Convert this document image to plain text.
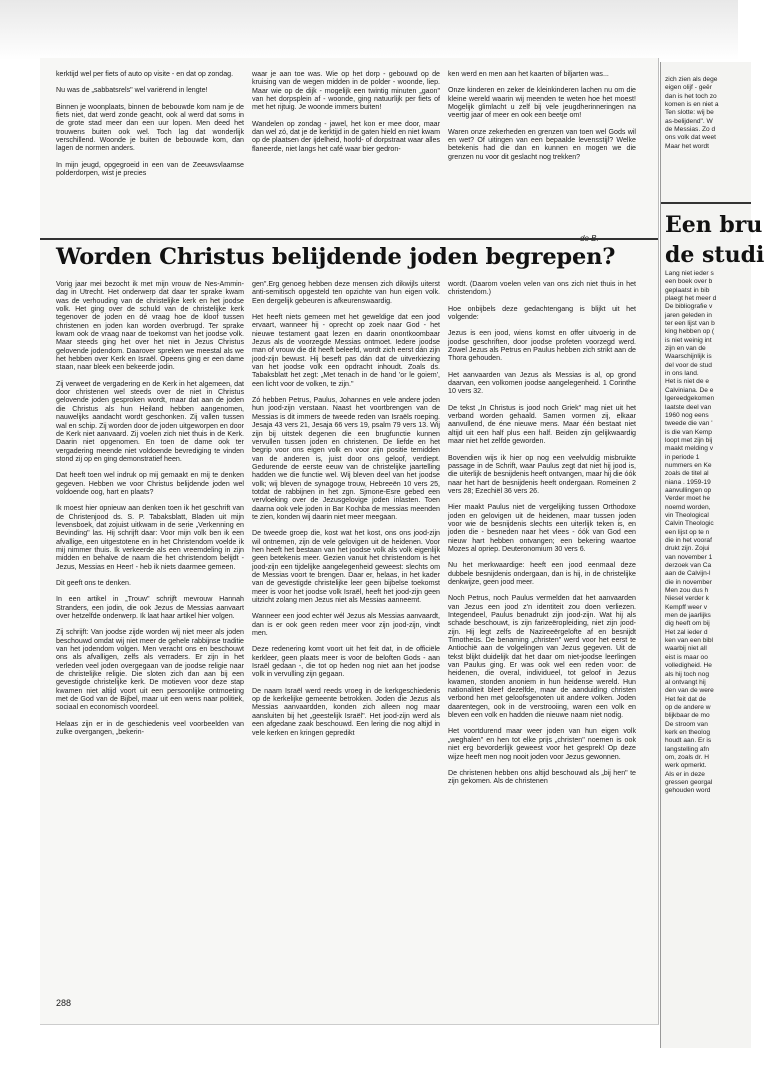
kerktijd wel per fiets of auto op visite - en dat op zondag.

Nu was de „sabbatsrels" wel variërend in lengte!

Binnen je woonplaats, binnen de bebouwde kom nam je de fiets niet, dat werd zonde geacht, ook al werd dat soms in de grote stad meer dan een uur lopen. Men deed het trouwens buiten ook wel. Toch lag dat wonderlijk verschillend. Woonde je buiten de bebouwde kom, dan lagen de normen anders.

In mijn jeugd, opgegroeid in een van de Zeeuwsvlaamse polderdorpen, wist je precies

waar je aan toe was. Wie op het dorp - gebouwd op de kruising van de wegen midden in de polder - woonde, liep. Maar wie op de dijk - mogelijk een twintig minuten „gaon" van het dorpsplein af - woonde, ging natuurlijk per fiets of met het rijtuig. Je woonde immers buiten!

Wandelen op zondag - jawel, het kon er mee door, maar dan wel zó, dat je de kerktijd in de gaten hield en niet kwam op de plaatsen der ijdelheid, hoofd- of dorpstraat waar alles flaneerde, niet langs het café waar bier gedron-

ken werd en men aan het kaarten of biljarten was...

Onze kinderen en zeker de kleinkinderen lachen nu om die kleine wereld waarin wij meenden te weten hoe het moest! Mogelijk glimlacht u zelf bij vele jeugdherinneringen na veertig jaar of meer en ook een beetje om!

Waren onze zekerheden en grenzen van toen wel Gods wil en wet? Of uitingen van een bepaalde levensstijl? Welke betekenis had die dan en kunnen en mogen we die grenzen nu voor dit geslacht nog trekken?

Worden Christus belijdende joden begrepen?

Vorig jaar mei bezocht ik met mijn vrouw de Nes-Ammin-dag in Utrecht. Het onderwerp dat daar ter sprake kwam was de verhouding van de christelijke kerk en het joodse volk. Het ging over de schuld van de christelijke kerk tegenover de joden en dé vraag hoe de kloof tussen christenen en joden kan worden overbrugd. Ter sprake kwam ook de vraag naar de toekomst van het joodse volk. Maar steeds ging het over het niet in Jezus Christus gelovende jodendom. Daarover spreken we meestal als we het hebben over Kerk en Israël. Opeens ging er een dame staan, naar bleek een bekeerde jodin.

Zij verweet de vergadering en de Kerk in het algemeen, dat door christenen wel steeds over de niet in Christus gelovende joden gesproken wordt, maar dat aan de joden die Christus als hun Heiland hebben aangenomen, nauwelijks aandacht wordt geschonken. Zij vallen tussen wal en schip. Zij worden door de joden uitgeworpen en door de Kerk niet aanvaard. Zij voelen zich niet thuis in de Kerk. Daarin niet opgenomen. En toen de dame ook ter vergadering meende niet voldoende bevrediging te vinden stond zij op en ging demonstratief heen.

Dat heeft toen wel indruk op mij gemaakt en mij te denken gegeven. Hebben we voor Christus belijdende joden wel voldoende oog, hart en plaats?

Ik moest hier opnieuw aan denken toen ik het geschrift van de Christenjood ds. S. P. Tabaksblatt, Bladen uit mijn levensboek, dat zojuist uitkwam in de serie „Verkenning en Bevinding" las. Hij schrijft daar: Voor mijn volk ben ik een afvallige, een uitgestotene en in het Christendom voelde ik mij nimmer thuis. Ik verkeerde als een vreemdeling in zijn midden en behalve de naam die het christendom belijdt - Jezus, Messias en Heer! - heb ik niets daarmee gemeen.

Dit geeft ons te denken.

In een artikel in „Trouw" schrijft mevrouw Hannah Stranders, een jodin, die ook Jezus de Messias aanvaart over hetzelfde onderwerp. Ik laat haar artikel hier volgen.

Zij schrijft: Van joodse zijde worden wij niet meer als joden beschouwd omdat wij niet meer de gehele rabbijnse traditie van het jodendom volgen. Men veracht ons en beschouwt ons als afvalligen, zelfs als verraders. Er zijn in het verleden veel joden overgegaan van de joodse religie naar de christelijke religie. Die sloten zich dan aan bij een gevestigde christelijke kerk. De motieven voor deze stap kwamen niet altijd voort uit een persoonlijke ontmoeting met de God van de Bijbel, maar uit een wens naar politiek, sociaal en economisch voordeel.

Helaas zijn er in de geschiedenis veel voorbeelden van zulke overgangen, „bekerin-

gen".Erg genoeg hebben deze mensen zich dikwijls uiterst anti-semitisch opgesteld ten opzichte van hun eigen volk. Een dergelijk gebeuren is afkeurenswaardig.

Het heeft niets gemeen met het geweldige dat een jood ervaart, wanneer hij - oprecht op zoek naar God - het nieuwe testament gaat lezen en daarin onontkoombaar Jezus als de voorzegde Messias ontmoet. Iedere joodse man of vrouw die dit heeft beleefd, wordt zich eerst dán zijn jood-zijn bewust. Hij beseft pas dán dat de uitverkiezing van het joodse volk een opdracht inhoudt. Zoals ds. Tabaksblatt het zegt: „Met tenach in de hand 'or le goiem', een licht voor de volken, te zijn."

Zó hebben Petrus, Paulus, Johannes en vele andere joden hun jood-zijn verstaan. Naast het voortbrengen van de Messias is dit immers de tweede reden van Israëls roeping. Jesaja 43 vers 21, Jesaja 66 vers 19, psalm 79 vers 13. Wij zijn bij uitstek degenen die een brugfunctie kunnen vervullen tussen joden en christenen. De liefde en het begrip voor ons eigen volk en voor zijn positie temidden van de anderen is, juist door ons geloof, verdiept. Gedurende de eerste eeuw van de christelijke jaartelling hadden we die functie wel. Wij bleven deel van het joodse volk; wij bleven de synagoge trouw, Hebreeën 10 vers 25, totdat de rabbijnen in het zgn. Sjmone-Esre gebed een vervloeking over de Jezusgelovige joden inlasten. Toen daarna ook vele joden in Bar Kochba de messias meenden te zien, konden wij daarin niet meer meegaan.

De tweede groep die, kost wat het kost, ons ons jood-zijn wil ontnemen, zijn de vele gelovigen uit de heidenen. Voor hen heeft het bestaan van het joodse volk als volk eigenlijk geen betekenis meer. Gezien vanuit het christendom is het jood-zijn een tijdelijke aangelegenheid geweest: slechts om de Messias voort te brengen. Daar er, helaas, in het kader van de gevestigde christelijke leer geen bijbelse toekomst meer is voor het joodse volk Israël, heeft het jood-zijn geen uitzicht zolang men Jezus niet als Messias aanneemt.

Wanneer een jood echter wél Jezus als Messias aanvaardt, dan is er ook geen reden meer voor zijn jood-zijn, vindt men.

Deze redenering komt voort uit het feit dat, in de officiële kerkleer, geen plaats meer is voor de beloften Gods - aan Israël gedaan -, die tot op heden nog niet aan het joodse volk in vervulling zijn gegaan.

De naam Israël werd reeds vroeg in de kerkgeschiedenis op de kerkelijke gemeente betrokken. Joden die Jezus als Messias aanvaardden, konden zich alleen nog maar aansluiten bij het „geestelijk Israël". Het jood-zijn werd als een afgedane zaak beschouwd. Een lering die nog altijd in vele kerken en kringen gepredikt

wordt. (Daarom voelen velen van ons zich niet thuis in het christendom.)

Hoe onbijbels deze gedachtengang is blijkt uit het volgende:

Jezus is een jood, wiens komst en offer uitvoerig in de joodse geschriften, door joodse profeten voorzegd werd. Zowel Jezus als Petrus en Paulus hebben zich strikt aan de Thora gehouden.

Het aanvaarden van Jezus als Messias is al, op grond daarvan, een volkomen joodse aangelegenheid. 1 Corinthe 10 vers 32.

De tekst „In Christus is jood noch Griek" mag niet uit het verband worden gehaald. Samen vormen zij, elkaar aanvullend, de éne nieuwe mens. Maar één bestaat niet altijd uit een half plus een half. Beiden zijn gelijkwaardig maar niet het zelfde geworden.

Bovendien wijs ik hier op nog een veelvuldig misbruikte passage in de Schrift, waar Paulus zegt dat niet hij jood is, die uiterlijk de besnijdenis heeft ontvangen, maar hij die óók naar het hart de besnijdenis heeft ondergaan. Romeinen 2 vers 28; Ezechiël 36 vers 26.

Hier maakt Paulus niet de vergelijking tussen Orthodoxe joden en gelovigen uit de heidenen, maar tussen joden voor wie de besnijdenis slechts een uiterlijk teken is, en joden die - besneden naar het vlees - óók van God een nieuw hart hebben ontvangen; een bekering waartoe Mozes al opriep. Deuteronomium 30 vers 6.

Nu het merkwaardige: heeft een jood eenmaal deze dubbele besnijdenis ondergaan, dan is hij, in de christelijke denkwijze, geen jood meer.

Noch Petrus, noch Paulus vermelden dat het aanvaarden van Jezus een jood z'n identiteit zou doen verliezen. Integendeel, Paulus benadrukt zijn jood-zijn. Wat hij als schade beschouwt, is zijn farizeëropleiding, niet zijn jood-zijn. Hij legt zelfs de Nazireeërgelofte af en besnijdt Timotheüs. De benaming „christen" werd voor het eerst te Antiochië aan de volgelingen van Jezus gegeven. Uit de tekst blijkt duidelijk dat het daar om niet-joodse leerlingen van Paulus ging. Er was ook wel een reden voor: de heidenen, die overal, individueel, tot geloof in Jezus kwamen, stonden anoniem in hun heidense wereld. Hun nationaliteit bleef dezelfde, maar de aanduiding christen verbond hen met geloofsgenoten uit andere volken. Joden daarentegen, ook in de verstrooiing, waren een volk en bleven een volk en hadden die nieuwe naam niet nodig.

Het voortdurend maar weer joden van hun eigen volk „weghalen" en hen tot elke prijs „christen" noemen is ook niet erg bevorderlijk geweest voor het gesprek! Op deze wijze heeft men nog nooit joden voor Jezus gewonnen.

De christenen hebben ons altijd beschouwd als „bij hen" te zijn gekomen. Als de christenen

288
zich zien als dege
eigen olijf - geër
dan is het toch zo
komen is en niet a
Ten slotte: wij be
as-belijdend". W
de Messias. Zo d
ons volk dat weet
Maar het wordt
Een bru
de studi
Lang niet ieder s
een boek over b
geplaatst in bib
plaegt het meer d
De bibliografie v
jaren geleden in
ter een lijst van b
king hebben op (
is niet weinig int
zijn en van de
Waarschijnlijk is
del voor de stud
in ons land.
Het is niet de e
Calviniana. De e
lgereedgekomen
laatste deel van
1960 nog eens
tweede die van '
is die van Kemp
loopt met zijn bij
maakt melding v
in periode 1
nummers en Ke
zoals de titel al
niana . 1959-19
aanvullingen op
Verder moet he
noemd worden,
vin Theological
Calvin Theologic
een lijst op te n
die in het vooraf
drukt zijn. Zojui
van november 1
derzoek van Ca
aan de Calvijn-l
die in november
Men zou dus h
Niesel verder k
Kempff weer v
men de jaarlijks
dig heeft om bij
Het zal ieder d
ken van een bibl
waarbij niet all
eist is maar oo
volledigheid. He
als hij toch nog
al ontvangt hij
den van de were
Het feit dat de
op de andere w
blijkbaar de mo
De stroom van
kerk en theolog
houdt aan. Er is
langstelling afn
om, zoals dr. H
werk opmerkt.
Als er in deze
gressen georgal
gehouden word
